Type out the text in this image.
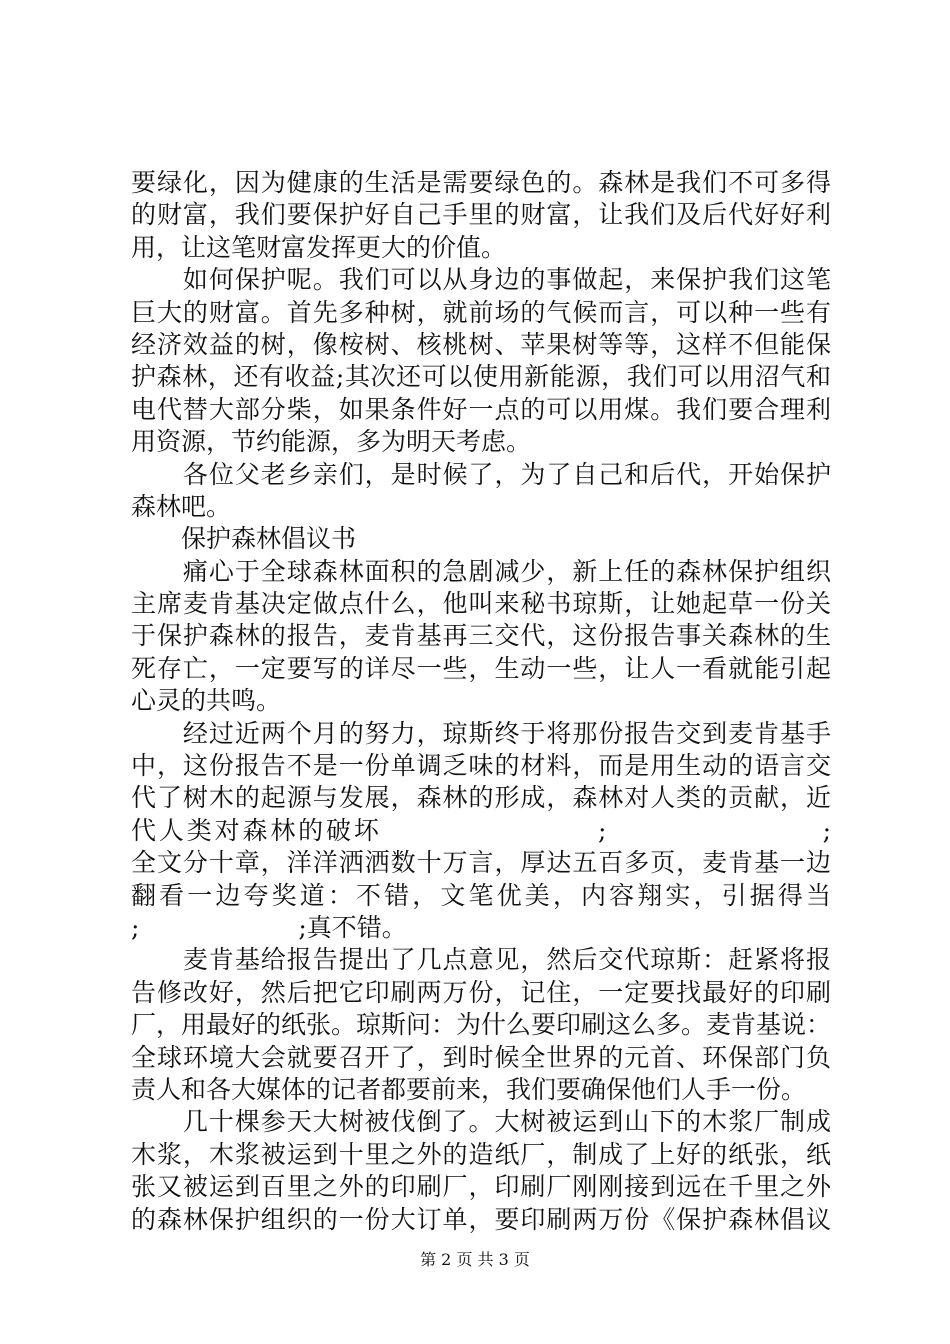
要绿化，因为健康的生活是需要绿色的。森林是我们不可多得
的财富，我们要保护好自己手里的财富，让我们及后代好好利
用，让这笔财富发挥更大的价值。
　　如何保护呢。我们可以从身边的事做起，来保护我们这笔
巨大的财富。首先多种树，就前场的气候而言，可以种一些有
经济效益的树，像桉树、核桃树、苹果树等等，这样不但能保
护森林，还有收益;其次还可以使用新能源，我们可以用沼气和
电代替大部分柴，如果条件好一点的可以用煤。我们要合理利
用资源，节约能源，多为明天考虑。
　　各位父老乡亲们，是时候了，为了自己和后代，开始保护
森林吧。
　　保护森林倡议书
　　痛心于全球森林面积的急剧减少，新上任的森林保护组织
主席麦肯基决定做点什么，他叫来秘书琼斯，让她起草一份关
于保护森林的报告，麦肯基再三交代，这份报告事关森林的生
死存亡，一定要写的详尽一些，生动一些，让人一看就能引起
心灵的共鸣。
　　经过近两个月的努力，琼斯终于将那份报告交到麦肯基手
中，这份报告不是一份单调乏味的材料，而是用生动的语言交
代了树木的起源与发展，森林的形成，森林对人类的贡献，近
代人类对森林的破坏                    ;                    ;
全文分十章，洋洋洒洒数十万言，厚达五百多页，麦肯基一边
翻看一边夸奖道：不错，文笔优美，内容翔实，引据得当
;                    ;真不错。
　　麦肯基给报告提出了几点意见，然后交代琼斯：赶紧将报
告修改好，然后把它印刷两万份，记住，一定要找最好的印刷
厂，用最好的纸张。琼斯问：为什么要印刷这么多。麦肯基说：
全球环境大会就要召开了，到时候全世界的元首、环保部门负
责人和各大媒体的记者都要前来，我们要确保他们人手一份。
　　几十棵参天大树被伐倒了。大树被运到山下的木浆厂制成
木浆，木浆被运到十里之外的造纸厂，制成了上好的纸张，纸
张又被运到百里之外的印刷厂，印刷厂刚刚接到远在千里之外
的森林保护组织的一份大订单，要印刷两万份《保护森林倡议
第 2 页 共 3 页
